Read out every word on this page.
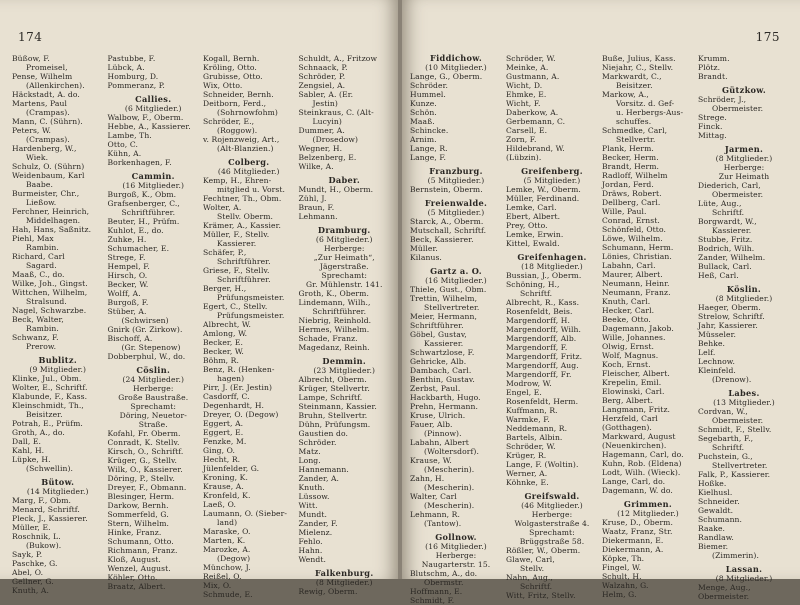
174
Büßow, F.
Promeisel,
Pense, Wilhelm
(Allenkirchen).
Häckstadt, A. do.
Martens, Paul
(Crampas).
Mann, C. (Sührn).
Peters, W.
(Crampas).
Hardenberg, W.,
Wiek.
Schulz, O. (Sührn)
Weidenbaum, Karl
Baabe.
Burmeister, Chr.,
Ließow.
Ferchner, Heinrich,
Middelhagen.
Hah, Hans, Saßnitz.
Piehl, Max
Rambin.
Richard, Carl
Sagard.
Maaß, C., do.
Wilke, Joh., Gingst.
Wittchen, Wilhelm,
Stralsund.
Nagel, Schwarzbe.
Beck, Walter,
Rambin.
Schwanz, F.
Prerow.
Bublitz.
(9 Mitglieder.)
Klinke, Jul., Obm.
Wolter, E., Schriftf.
Klabunde, F., Kass.
Kleinschmidt, Th.,
Beisitzer.
Potrah, E., Prüfm.
Groth, A., do.
Dall, E.
Kahl, H.
Lüpke, H.
(Schwellin).
Bütow.
(14 Mitglieder.)
Marg, F., Obm.
Menard, Schriftf.
Pleck, J., Kassierer.
Müller, E.
Roschnik, L.
(Bukow).
Sayk, P.
Paschke, G.
Abel, O.
Gellner, G.
Knuth, A.
Pastubbe, F.
Lübck, A.
Homburg, D.
Pommeranz, P.
Callies.
(6 Mitglieder.)
Walbow, F., Oberm.
Hebbe, A., Kassierer.
Lambe, Th.
Otto, C.
Kühn, A.
Borkenhagen, F.
Cammin.
(16 Mitglieder.)
Burgoß, K., Obm.
Grafsenberger, C.,
Schriftführer.
Beuter, H., Prüfm.
Kuhlot, E., do.
Zuhke, H.
Schumacher, E.
Strege, F.
Hempel, F.
Hirsch, O.
Becker, W.
Wolff, A.
Burgoß, F.
Stüber, A.
(Schwirsen)
Gnirk (Gr. Zirkow).
Bischoff, A.
(Gr. Stepenow)
Dobberphul, W., do.
Cöslin.
(24 Mitglieder.)
Herberge:
Große Baustraße.
Sprechamt:
Döring, Neuetor-
Straße.
Kofahl, Fr. Oberm.
Conradt, K. Stellv.
Kirsch, O., Schriftf.
Krüger, G., Stellv.
Wilk, O., Kassierer.
Döring, P., Stellv.
Dreyer, F., Obmann.
Blesinger, Herm.
Darkow, Bernh.
Sommerfeld, G.
Stern, Wilhelm.
Hinke, Franz.
Schumann, Otto.
Richmann, Franz.
Kloß, August.
Wenzel, August.
Köhler, Otto.
Braatz, Albert.
Kogall, Bernh.
Kröling, Otto.
Grubisse, Otto.
Wix, Otto.
Schneider, Bernh.
Deitborn, Ferd.,
(Sohrnowfohm)
Schröder, E.,
(Roggow).
v. Rojenzweig, Art.,
(Alt-Blanzien.)
Colberg.
(46 Mitglieder.)
Kemp, H., Ehren-
mitglied u. Vorst.
Fechtner, Th., Obm.
Wolter, A.
Stellv. Oberm.
Krämer, A., Kassier.
Müller, F., Stellv.
Kassierer.
Schäfer, P.,
Schriftführer.
Griese, F., Stellv.
Schriftführer.
Berger, H.,
Prüfungsmeister.
Egert, C., Stellv.
Prüfungsmeister.
Albrecht, W.
Amlong, W.
Becker, E.
Becker, W.
Böhm, R.
Benz, R. (Henken-
hagen)
Pirr, J. (Er. Jestin)
Casdorff, C.
Degenhardt, H.
Dreyer, O. (Degow)
Eggert, A.
Eggert, E.
Fenzke, M.
Ging, O.
Hecht, R.
Jülenfelder, G.
Kroning, K.
Krause, A.
Kronfeld, K.
Laeß, O.
Laumann, O. (Sieber-
land)
Maraske, O.
Marten, K.
Marozke, A.
(Degow)
Münchow, J.
Reißel, O.
Mix, O.
Schmude, E.
Schuldt, A., Fritzow
Schnaack, P.
Schröder, P.
Zengsiel, A.
Sabler, A. (Er.
Jestin)
Steinkraus, C. (Alt-
Lucyin)
Dummer, A.
(Drosedow)
Wegner, H.
Belzenberg, E.
Wilke, A.
Daber.
Mundt, H., Oberm.
Zühl, J.
Braun, F.
Lehmann.
Dramburg.
(6 Mitglieder.)
Herberge:
„Zur Heimath“,
Jägerstraße.
Sprechamt:
Gr. Mühlenstr. 141.
Groth, K., Oberm.
Lindemann, Wilh.,
Schriftführer.
Niebrig, Reinhold.
Hermes, Wilhelm.
Schade, Franz.
Magedanz, Reinh.
Demmin.
(23 Mitglieder.)
Albrecht, Oberm.
Krüger, Stellvertr.
Lampe, Schriftf.
Steinmann, Kassier.
Bruhn, Stellvertr.
Dühn, Prüfungsm.
Gaustien do.
Schröder.
Matz.
Long.
Hannemann.
Zander, A.
Knuth.
Lüssow.
Witt.
Mundt.
Zander, F.
Mielenz.
Fehlo.
Hahn.
Wendt.
Falkenburg.
(8 Mitglieder.)
Rewig, Oberm.
175
Fiddichow.
(10 Mitglieder.)
Lange, G., Oberm.
Schröder.
Hummel.
Kunze.
Schön.
Maaß.
Schincke.
Arnim.
Lange, R.
Lange, F.
Franzburg.
(5 Mitglieder.)
Bernstein, Oberm.
Freienwalde.
(5 Mitglieder.)
Starck, A., Oberm.
Mutschall, Schriftf.
Beck, Kassierer.
Müller.
Kilanus.
Gartz a. O.
(16 Mitglieder.)
Thiele, Gust., Obm.
Trettin, Wilhelm,
Stellvertreter.
Meier, Hermann,
Schriftführer.
Göbel, Gustav,
Kassierer.
Schwartzlose, F.
Gehricke, Alb.
Dambach, Carl.
Benthin, Gustav.
Zerbst, Paul.
Hackbarth, Hugo.
Prehn, Hermann.
Kruse, Ulrich.
Fauer, Alb.
(Pinnow).
Labahn, Albert
(Woltersdorf).
Krause, W.
(Mescherin).
Zahn, H.
(Mescherin).
Walter, Carl
(Mescherin).
Lehmann, R.
(Tantow).
Gollnow.
(16 Mitglieder.)
Herberge:
Naugarterstr. 15.
Blutschm, A., do.
Obermstr.
Hoffmann, E.
Schmidt, F.
Schröder, W.
Meinke, A.
Gustmann, A.
Wicht, D.
Ehmke, E.
Wicht, F.
Daberkow, A.
Gerbemann, C.
Carsell, E.
Zorn, F.
Hildebrand, W.
(Lübzin).
Greifenberg.
(5 Mitglieder.)
Lemke, W., Oberm.
Müller, Ferdinand.
Lemke, Carl.
Ebert, Albert.
Prey, Otto.
Lemke, Erwin.
Kittel, Ewald.
Greifenhagen.
(18 Mitglieder.)
Bussian, J., Oberm.
Schöning, H.,
Schriftf.
Albrecht, R., Kass.
Rosenfeldt, Beis.
Margendorff, H.
Margendorff, Wilh.
Margendorff, Alb.
Margendorff, F.
Margendorff, Fritz.
Margendorff, Aug.
Margendorff, Fr.
Modrow, W.
Engel, E.
Rosenfeldt, Herm.
Kuffmann, R.
Warmke, F.
Neddemann, R.
Bartels, Albin.
Schröder, W.
Krüger, R.
Lange, F. (Woltin).
Werner, A.
Köhnke, E.
Greifswald.
(46 Mitglieder.)
Herberge:
Wolgasterstraße 4.
Sprechamt:
Brüggstraße 58.
Rößler, W., Oberm.
Glawe, Carl,
Stellv.
Nahn, Aug.,
Schriftf.
Witt, Fritz, Stellv.
Buße, Julius, Kass.
Niejahr, C., Stellv.
Markwardt, C.,
Beisitzer.
Markow, A.,
Vorsitz. d. Gef-
u. Herbergs-Aus-
schuffes.
Schmedke, Carl,
Stellvertr.
Plank, Herm.
Becker, Herm.
Brandt, Herm.
Radloff, Wilhelm
Jordan, Ferd.
Dräws, Robert.
Dellberg, Carl.
Wille, Paul.
Conrad, Ernst.
Schönfeld, Otto.
Löwe, Wilhelm.
Schumann, Herm.
Lönies, Christian.
Labahn, Carl.
Maurer, Albert.
Neumann, Heinr.
Neumann, Franz.
Knuth, Carl.
Hecker, Carl.
Beeke, Otto.
Dagemann, Jakob.
Wille, Johannes.
Olwig, Ernst.
Wolf, Magnus.
Koch, Ernst.
Fleischer, Albert.
Krepelin, Emil.
Elowinski, Carl.
Berg, Albert.
Langmann, Fritz.
Herzfeld, Carl
(Gotthagen).
Markward, August
(Neuenkirchen).
Hagemann, Carl, do.
Kuhn, Rob. (Eldena)
Lodt, Wilh. (Wieck).
Lange, Carl, do.
Dagemann, W. do.
Grimmen.
(12 Mitglieder.)
Kruse, D., Oberm.
Waatz, Franz, Str.
Diekermann, E.
Diekermann, A.
Köpke, Th.
Fingel, W.
Schult, H.
Walzahn, G.
Helm, G.
Krumm.
Plötz.
Brandt.
Gützkow.
Schröder, J.,
Obermeister.
Strege.
Finck.
Mittag.
Jarmen.
(8 Mitglieder.)
Herberge:
Zur Heimath
Diederich, Carl,
Obermeister.
Lüte, Aug.,
Schriftf.
Borgwardt, W.,
Kassierer.
Stubbe, Fritz.
Bodrich, Wilh.
Zander, Wilhelm.
Bullack, Carl.
Heß, Carl.
Köslin.
(8 Mitglieder.)
Haeger, Oberm.
Strelow, Schriftf.
Jahr, Kassierer.
Müsseler.
Behke.
Lelf.
Lechnow.
Kleinfeld.
(Drenow).
Labes.
(13 Mitglieder.)
Cordvan, W.,
Obermeister.
Schmidt, F., Stellv.
Segebarth, F.,
Schriftf.
Puchstein, G.,
Stellvertreter.
Falk, P., Kassierer.
Hoßke.
Kielhusl.
Schneider.
Gewaldt.
Schumann.
Raake.
Randlaw.
Biemer.
(Zimmerin).
Lassan.
(8 Mitglieder.)
Menge, Aug.,
Obermeister.
